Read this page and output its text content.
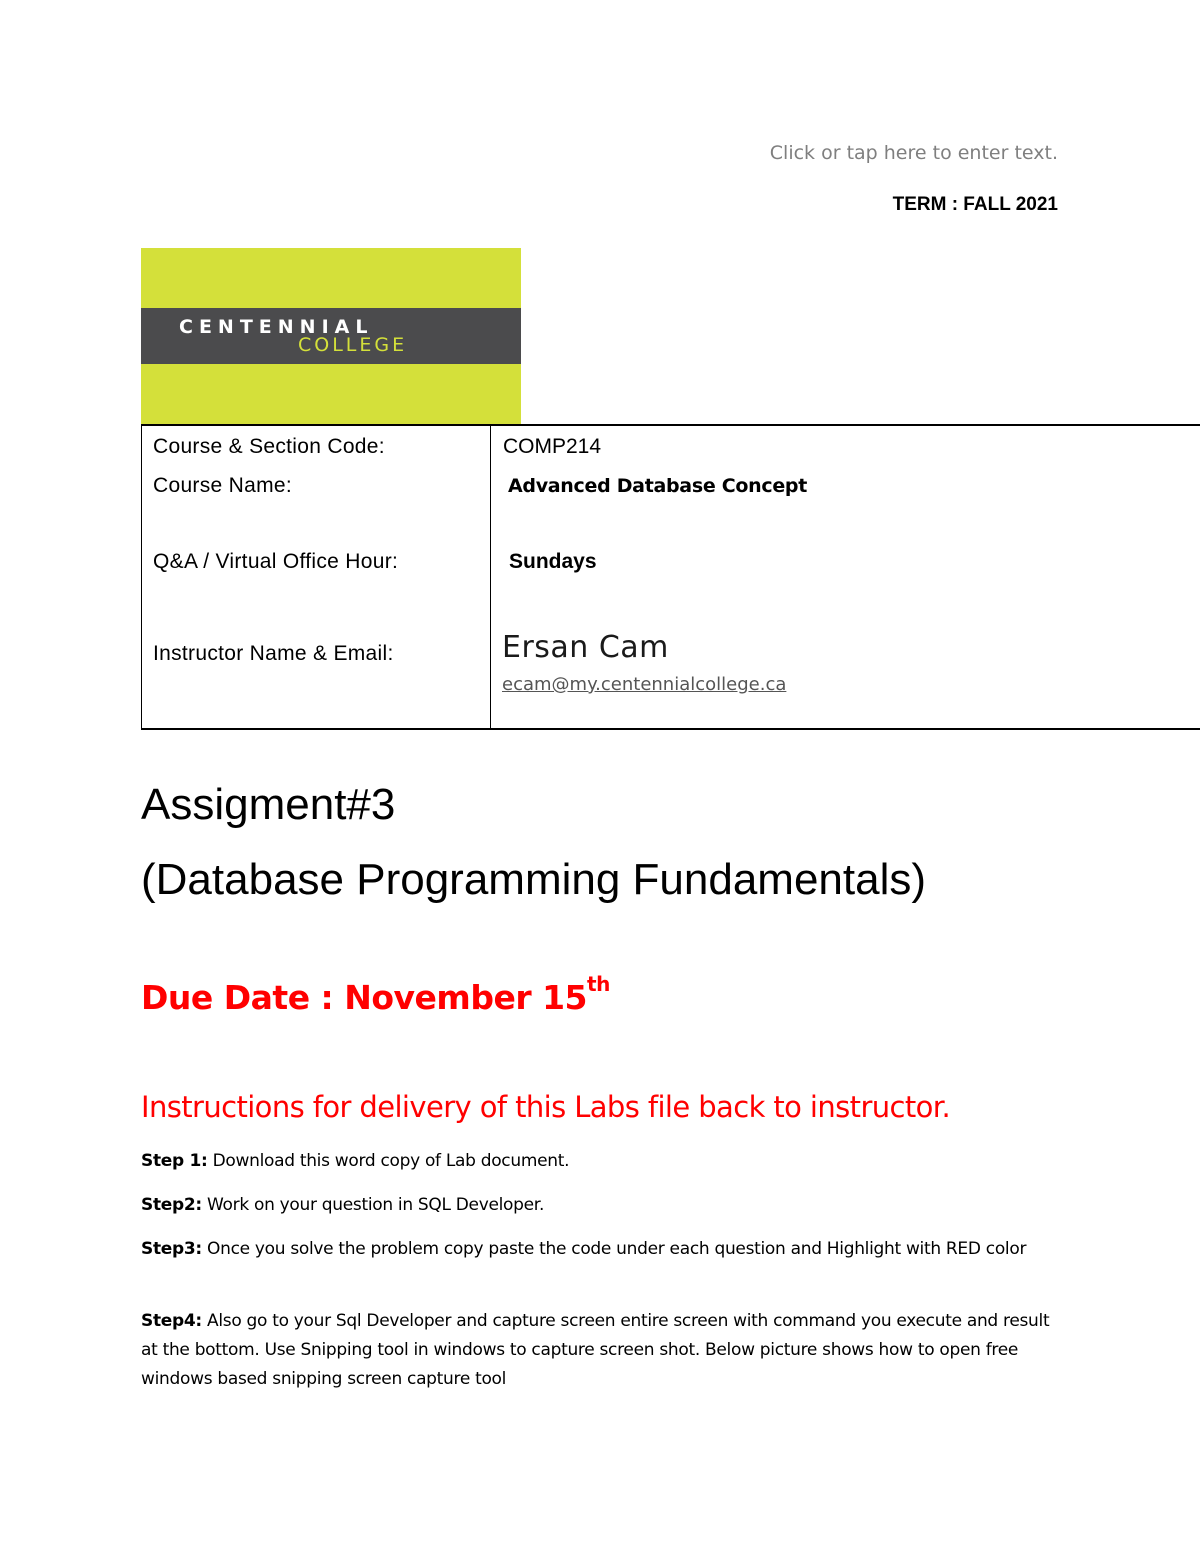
Click or tap here to enter text.
TERM : FALL 2021
CENTENNIAL
COLLEGE
Course & Section Code:	COMP214
Course Name:	Advanced Database Concept
Q&A / Virtual Office Hour:	Sundays
Instructor Name & Email:	Ersan Cam
ecam@my.centennialcollege.ca
Assigment#3
(Database Programming Fundamentals)
Due Date : November 15th
Instructions for delivery of this Labs file back to instructor.
Step 1: Download this word copy of Lab document.
Step2: Work on your question in SQL Developer.
Step3: Once you solve the problem copy paste the code under each question and Highlight with RED color
Step4: Also go to your Sql Developer and capture screen entire screen with command you execute and result at the bottom. Use Snipping tool in windows to capture screen shot. Below picture shows how to open free windows based snipping screen capture tool
